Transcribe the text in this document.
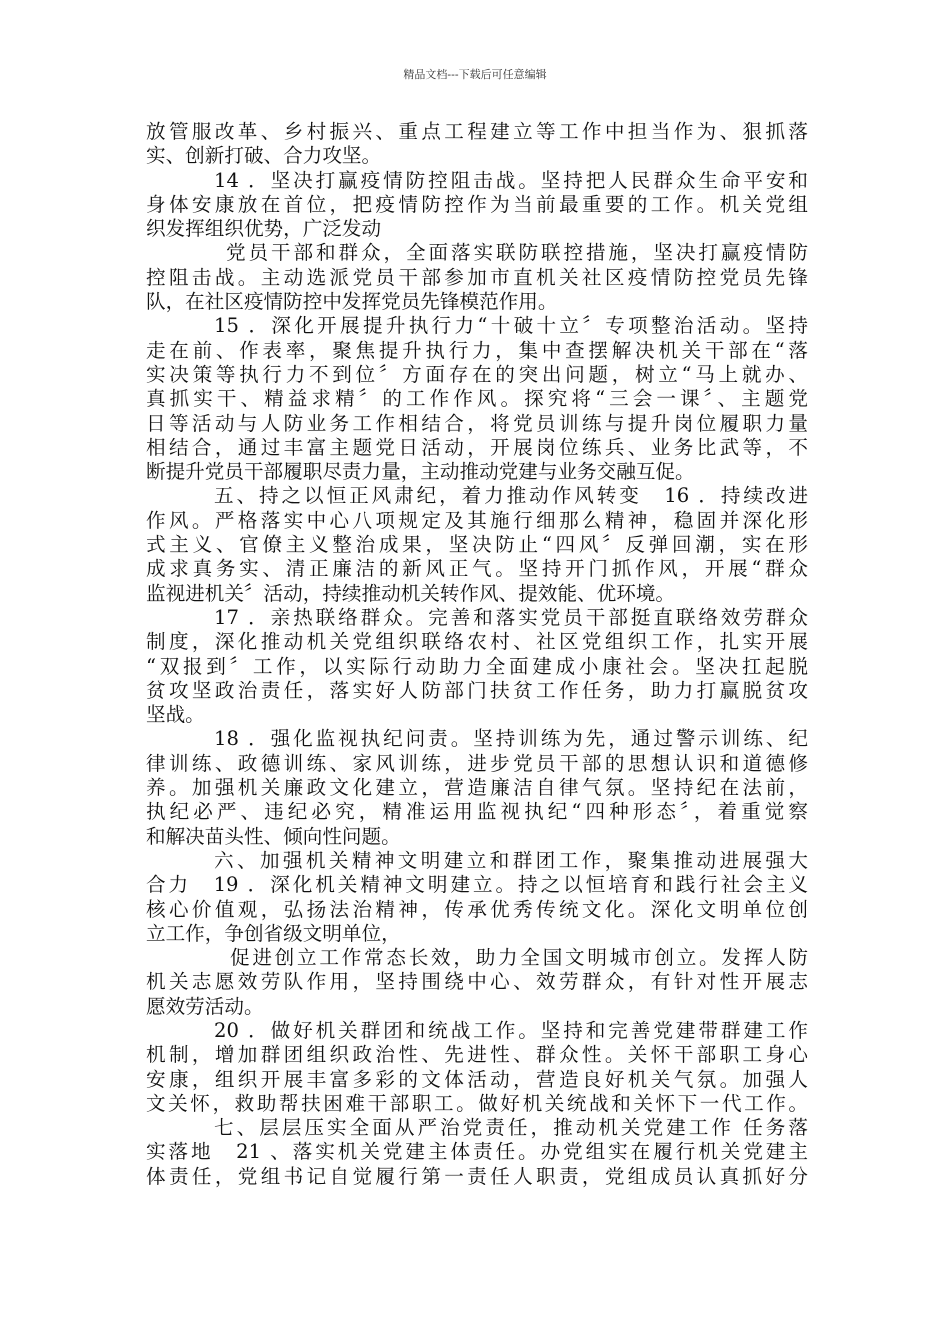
精品文档---下载后可任意编辑
放管服改革、乡村振兴、重点工程建立等工作中担当作为、狠抓落
实、创新打破、合力攻坚。
14 ．坚决打赢疫情防控阻击战。坚持把人民群众生命平安和
身体安康放在首位，把疫情防控作为当前最重要的工作。机关党组
织发挥组织优势，广泛发动
党员干部和群众，全面落实联防联控措施，坚决打赢疫情防
控阻击战。主动选派党员干部参加市直机关社区疫情防控党员先锋
队，在社区疫情防控中发挥党员先锋模范作用。
15 ．深化开展提升执行力“十破十立〞专项整治活动。坚持
走在前、作表率，聚焦提升执行力，集中查摆解决机关干部在“落
实决策等执行力不到位〞方面存在的突出问题，树立“马上就办、
真抓实干、精益求精〞的工作作风。探究将“三会一课〞、主题党
日等活动与人防业务工作相结合，将党员训练与提升岗位履职力量
相结合，通过丰富主题党日活动，开展岗位练兵、业务比武等，不
断提升党员干部履职尽责力量，主动推动党建与业务交融互促。
五、持之以恒正风肃纪，着力推动作风转变　16 ．持续改进
作风。严格落实中心八项规定及其施行细那么精神，稳固并深化形
式主义、官僚主义整治成果，坚决防止“四风〞反弹回潮，实在形
成求真务实、清正廉洁的新风正气。坚持开门抓作风，开展“群众
监视进机关〞活动，持续推动机关转作风、提效能、优环境。
17 ．亲热联络群众。完善和落实党员干部挺直联络效劳群众
制度，深化推动机关党组织联络农村、社区党组织工作，扎实开展
“双报到〞工作，以实际行动助力全面建成小康社会。坚决扛起脱
贫攻坚政治责任，落实好人防部门扶贫工作任务，助力打赢脱贫攻
坚战。
18 ．强化监视执纪问责。坚持训练为先，通过警示训练、纪
律训练、政德训练、家风训练，进步党员干部的思想认识和道德修
养。加强机关廉政文化建立，营造廉洁自律气氛。坚持纪在法前，
执纪必严、违纪必究，精准运用监视执纪“四种形态〞，着重觉察
和解决苗头性、倾向性问题。
六、加强机关精神文明建立和群团工作，聚集推动进展强大
合力　19 ．深化机关精神文明建立。持之以恒培育和践行社会主义
核心价值观，弘扬法治精神，传承优秀传统文化。深化文明单位创
立工作，争创省级文明单位，
促进创立工作常态长效，助力全国文明城市创立。发挥人防
机关志愿效劳队作用，坚持围绕中心、效劳群众，有针对性开展志
愿效劳活动。
20 ．做好机关群团和统战工作。坚持和完善党建带群建工作
机制，增加群团组织政治性、先进性、群众性。关怀干部职工身心
安康，组织开展丰富多彩的文体活动，营造良好机关气氛。加强人
文关怀，救助帮扶困难干部职工。做好机关统战和关怀下一代工作。
七、层层压实全面从严治党责任，推动机关党建工作 任务落
实落地　21 、落实机关党建主体责任。办党组实在履行机关党建主
体责任，党组书记自觉履行第一责任人职责，党组成员认真抓好分
